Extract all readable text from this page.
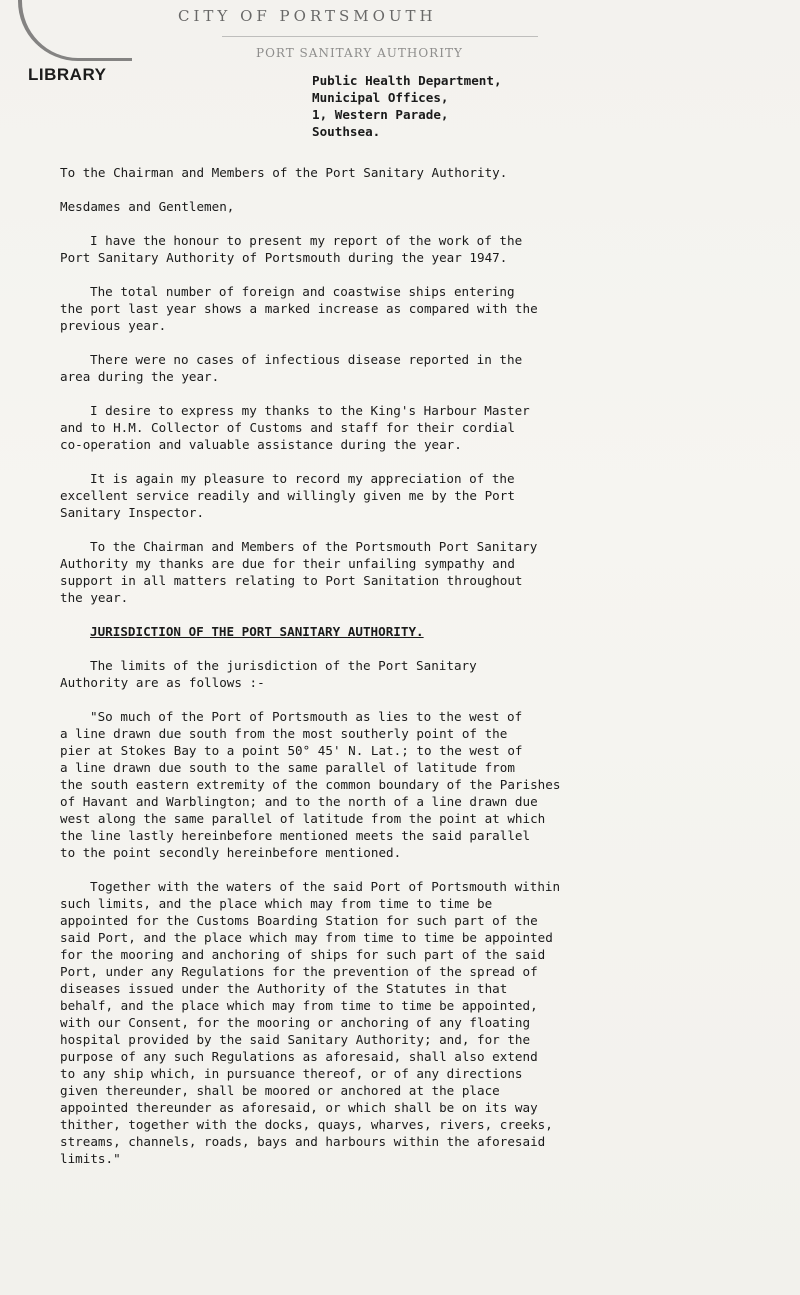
CITY OF PORTSMOUTH
PORT SANITARY AUTHORITY
LIBRARY	Public Health Department,
Municipal Offices,
1, Western Parade,
Southsea.
To the Chairman and Members of the Port Sanitary Authority.
Mesdames and Gentlemen,
I have the honour to present my report of the work of the
Port Sanitary Authority of Portsmouth during the year 1947.
The total number of foreign and coastwise ships entering
the port last year shows a marked increase as compared with the
previous year.
There were no cases of infectious disease reported in the
area during the year.
I desire to express my thanks to the King's Harbour Master
and to H.M. Collector of Customs and staff for their cordial
co-operation and valuable assistance during the year.
It is again my pleasure to record my appreciation of the
excellent service readily and willingly given me by the Port
Sanitary Inspector.
To the Chairman and Members of the Portsmouth Port Sanitary
Authority my thanks are due for their unfailing sympathy and
support in all matters relating to Port Sanitation throughout
the year.
JURISDICTION OF THE PORT SANITARY AUTHORITY.
The limits of the jurisdiction of the Port Sanitary
Authority are as follows :-
"So much of the Port of Portsmouth as lies to the west of
a line drawn due south from the most southerly point of the
pier at Stokes Bay to a point 50° 45' N. Lat.; to the west of
a line drawn due south to the same parallel of latitude from
the south eastern extremity of the common boundary of the Parishes
of Havant and Warblington; and to the north of a line drawn due
west along the same parallel of latitude from the point at which
the line lastly hereinbefore mentioned meets the said parallel
to the point secondly hereinbefore mentioned.
Together with the waters of the said Port of Portsmouth within
such limits, and the place which may from time to time be
appointed for the Customs Boarding Station for such part of the
said Port, and the place which may from time to time be appointed
for the mooring and anchoring of ships for such part of the said
Port, under any Regulations for the prevention of the spread of
diseases issued under the Authority of the Statutes in that
behalf, and the place which may from time to time be appointed,
with our Consent, for the mooring or anchoring of any floating
hospital provided by the said Sanitary Authority; and, for the
purpose of any such Regulations as aforesaid, shall also extend
to any ship which, in pursuance thereof, or of any directions
given thereunder, shall be moored or anchored at the place
appointed thereunder as aforesaid, or which shall be on its way
thither, together with the docks, quays, wharves, rivers, creeks,
streams, channels, roads, bays and harbours within the aforesaid
limits."
